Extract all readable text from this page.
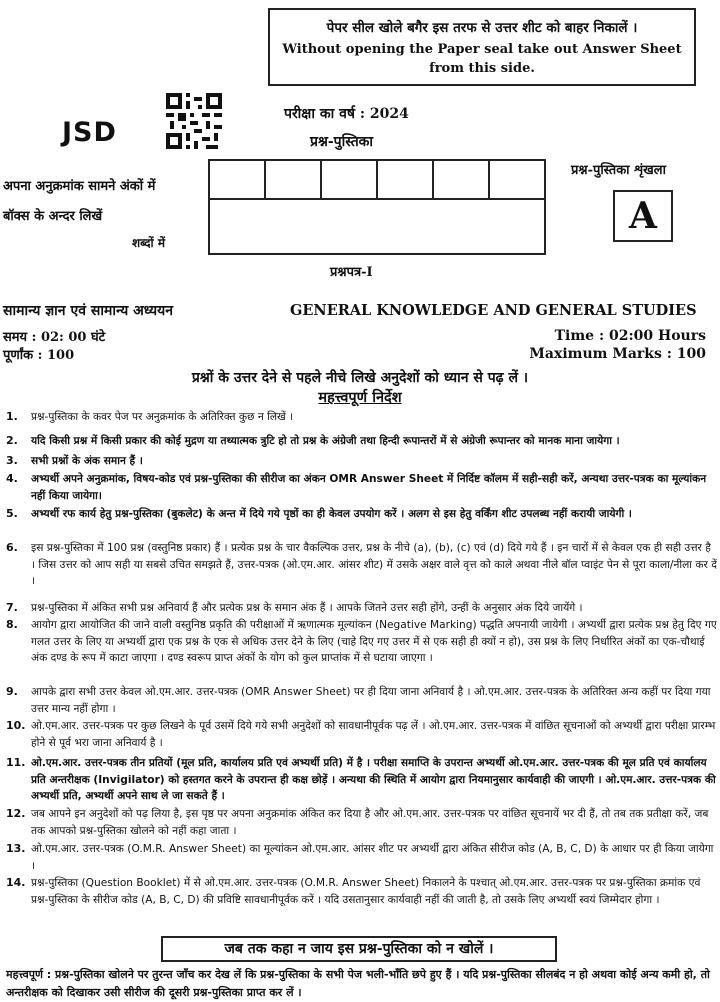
पेपर सील खोले बगैर इस तरफ से उत्तर शीट को बाहर निकालें ।
Without opening the Paper seal take out Answer Sheet
from this side.
JSD
परीक्षा का वर्ष : 2024
प्रश्न-पुस्तिका
अपना अनुक्रमांक सामने अंकों में
बॉक्स के अन्दर लिखें
शब्दों में
प्रश्न-पुस्तिका शृंखला
A
प्रश्नपत्र-I
सामान्य ज्ञान एवं सामान्य अध्ययन	GENERAL KNOWLEDGE AND GENERAL STUDIES
समय : 02: 00 घंटे
पूर्णांक : 100
Time : 02:00 Hours
Maximum Marks : 100
प्रश्नों के उत्तर देने से पहले नीचे लिखे अनुदेशों को ध्यान से पढ़ लें ।
महत्त्वपूर्ण निर्देश
1. प्रश्न-पुस्तिका के कवर पेज पर अनुक्रमांक के अतिरिक्त कुछ न लिखें ।
2. यदि किसी प्रश्न में किसी प्रकार की कोई मुद्रण या तथ्यात्मक त्रुटि हो तो प्रश्न के अंग्रेजी तथा हिन्दी रूपान्तरों में से अंग्रेजी रूपान्तर को मानक माना जायेगा ।
3. सभी प्रश्नों के अंक समान हैं ।
4. अभ्यर्थी अपने अनुक्रमांक, विषय-कोड एवं प्रश्न-पुस्तिका की सीरीज का अंकन OMR Answer Sheet में निर्दिष्ट कॉलम में सही-सही करें, अन्यथा उत्तर-पत्रक का मूल्यांकन नहीं किया जायेगा।
5. अभ्यर्थी रफ कार्य हेतु प्रश्न-पुस्तिका (बुकलेट) के अन्त में दिये गये पृष्ठों का ही केवल उपयोग करें । अलग से इस हेतु वर्किंग शीट उपलब्ध नहीं करायी जायेगी ।
6. इस प्रश्न-पुस्तिका में 100 प्रश्न (वस्तुनिष्ठ प्रकार) हैं । प्रत्येक प्रश्न के चार वैकल्पिक उत्तर, प्रश्न के नीचे (a), (b), (c) एवं (d) दिये गये हैं । इन चारों में से केवल एक ही सही उत्तर है । जिस उत्तर को आप सही या सबसे उचित समझते हैं, उत्तर-पत्रक (ओ.एम.आर. आंसर शीट) में उसके अक्षर वाले वृत्त को काले अथवा नीले बॉल प्वाइंट पेन से पूरा काला/नीला कर दें ।
7. प्रश्न-पुस्तिका में अंकित सभी प्रश्न अनिवार्य हैं और प्रत्येक प्रश्न के समान अंक हैं । आपके जितने उत्तर सही होंगे, उन्हीं के अनुसार अंक दिये जायेंगे ।
8. आयोग द्वारा आयोजित की जाने वाली वस्तुनिष्ठ प्रकृति की परीक्षाओं में ऋणात्मक मूल्यांकन (Negative Marking) पद्धति अपनायी जायेगी । अभ्यर्थी द्वारा प्रत्येक प्रश्न हेतु दिए गए गलत उत्तर के लिए या अभ्यर्थी द्वारा एक प्रश्न के एक से अधिक उत्तर देने के लिए (चाहे दिए गए उत्तर में से एक सही ही क्यों न हो), उस प्रश्न के लिए निर्धारित अंकों का एक-चौथाई अंक दण्ड के रूप में काटा जाएगा । दण्ड स्वरूप प्राप्त अंकों के योग को कुल प्राप्तांक में से घटाया जाएगा ।
9. आपके द्वारा सभी उत्तर केवल ओ.एम.आर. उत्तर-पत्रक (OMR Answer Sheet) पर ही दिया जाना अनिवार्य है । ओ.एम.आर. उत्तर-पत्रक के अतिरिक्त अन्य कहीं पर दिया गया उत्तर मान्य नहीं होगा ।
10. ओ.एम.आर. उत्तर-पत्रक पर कुछ लिखने के पूर्व उसमें दिये गये सभी अनुदेशों को सावधानीपूर्वक पढ़ लें । ओ.एम.आर. उत्तर-पत्रक में वांछित सूचनाओं को अभ्यर्थी द्वारा परीक्षा प्रारम्भ होने से पूर्व भरा जाना अनिवार्य है ।
11. ओ.एम.आर. उत्तर-पत्रक तीन प्रतियों (मूल प्रति, कार्यालय प्रति एवं अभ्यर्थी प्रति) में है । परीक्षा समाप्ति के उपरान्त अभ्यर्थी ओ.एम.आर. उत्तर-पत्रक की मूल प्रति एवं कार्यालय प्रति अन्तरीक्षक (Invigilator) को हस्तगत करने के उपरान्त ही कक्ष छोड़ें । अन्यथा की स्थिति में आयोग द्वारा नियमानुसार कार्यवाही की जाएगी । ओ.एम.आर. उत्तर-पत्रक की अभ्यर्थी प्रति, अभ्यर्थी अपने साथ ले जा सकते हैं ।
12. जब आपने इन अनुदेशों को पढ़ लिया है, इस पृष्ठ पर अपना अनुक्रमांक अंकित कर दिया है और ओ.एम.आर. उत्तर-पत्रक पर वांछित सूचनायें भर दी हैं, तो तब तक प्रतीक्षा करें, जब तक आपको प्रश्न-पुस्तिका खोलने को नहीं कहा जाता ।
13. ओ.एम.आर. उत्तर-पत्रक (O.M.R. Answer Sheet) का मूल्यांकन ओ.एम.आर. आंसर शीट पर अभ्यर्थी द्वारा अंकित सीरीज कोड (A, B, C, D) के आधार पर ही किया जायेगा ।
14. प्रश्न-पुस्तिका (Question Booklet) में से ओ.एम.आर. उत्तर-पत्रक (O.M.R. Answer Sheet) निकालने के पश्चात् ओ.एम.आर. उत्तर-पत्रक पर प्रश्न-पुस्तिका क्रमांक एवं प्रश्न-पुस्तिका के सीरीज कोड (A, B, C, D) की प्रविष्टि सावधानीपूर्वक करें । यदि उसतानुसार कार्यवाही नहीं की जाती है, तो उसके लिए अभ्यर्थी स्वयं जिम्मेदार होगा ।
जब तक कहा न जाय इस प्रश्न-पुस्तिका को न खोलें ।
महत्त्वपूर्ण : प्रश्न-पुस्तिका खोलने पर तुरन्त जाँच कर देख लें कि प्रश्न-पुस्तिका के सभी पेज भली-भाँति छपे हुए हैं । यदि प्रश्न-पुस्तिका सीलबंद न हो अथवा कोई अन्य कमी हो, तो अन्तरीक्षक को दिखाकर उसी सीरीज की दूसरी प्रश्न-पुस्तिका प्राप्त कर लें ।
